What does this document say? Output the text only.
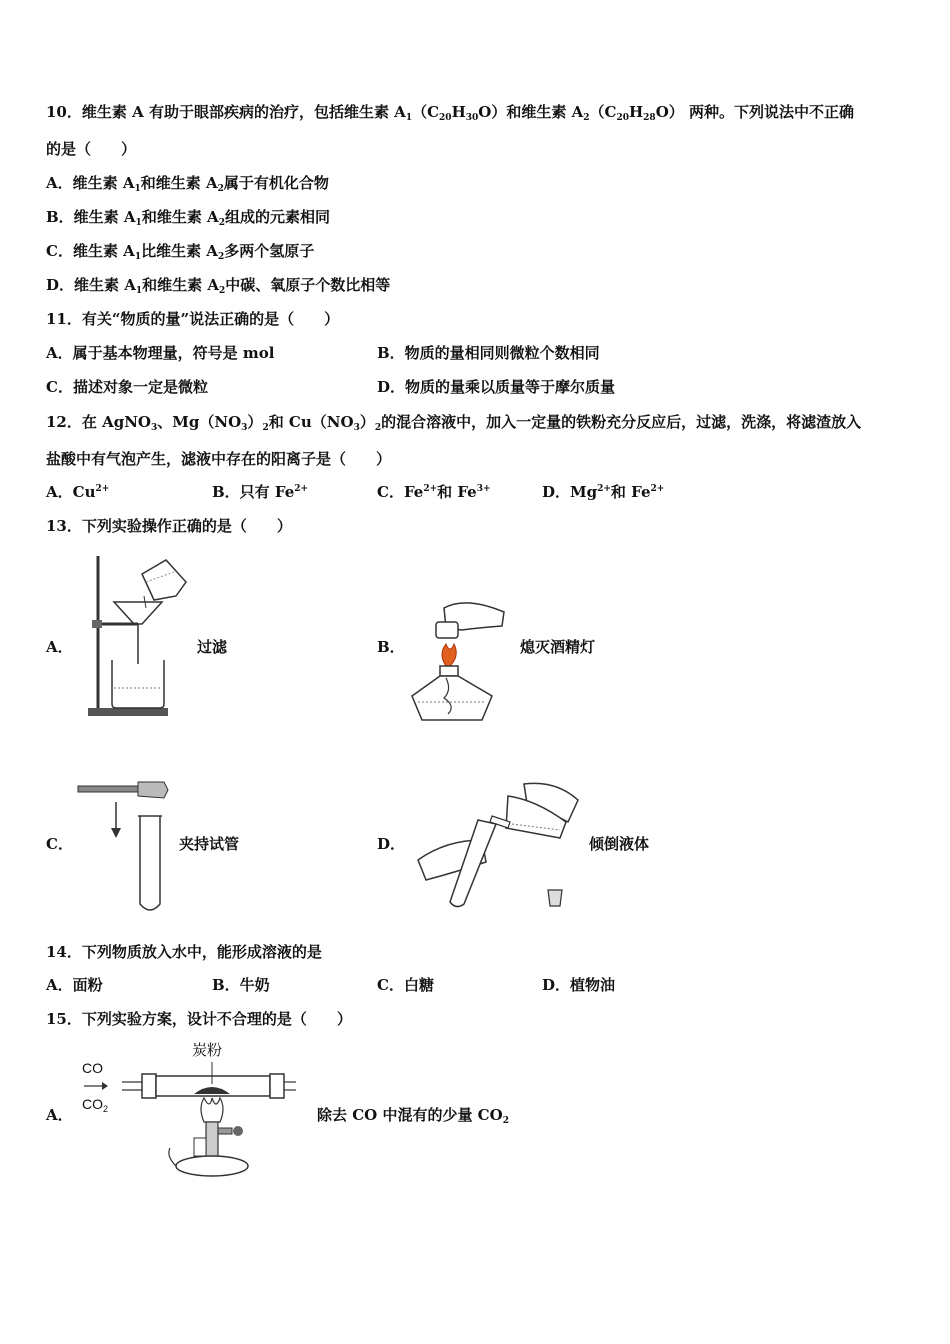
10．维生素 A 有助于眼部疾病的治疗，包括维生素 $A_1(C_{20}H_{30}O)$和维生素 $A_2(C_{20}H_{28}O)$ 两种。下列说法中不正确
的是（　　）
A．维生素 $A_1$和维生素 $A_2$属于有机化合物
B．维生素 $A_1$和维生素 $A_2$组成的元素相同
C．维生素 $A_1$比维生素 $A_2$多两个氢原子
D．维生素 $A_1$和维生素 $A_2$中碳、氧原子个数比相等
11．有关“物质的量”说法正确的是（　　）
A．属于基本物理量，符号是 mol	B．物质的量相同则微粒个数相同
C．描述对象一定是微粒	D．物质的量乘以质量等于摩尔质量
12．在 AgNO$_3$、$Mg(NO_3)_2$和 $Cu(NO_3)_2$的混合溶液中，加入一定量的铁粉充分反应后，过滤，洗涤，将滤渣放入
盐酸中有气泡产生，滤液中存在的阳离子是（　　）
A．$Cu^{2+}$	B．只有 $Fe^{2+}$	C．$Fe^{2+}$和 $Fe^{3+}$	D．$Mg^{2+}$和 $Fe^{2+}$
13．下列实验操作正确的是（　　）
A．	过滤	B．	熄灭酒精灯
C．	夹持试管	D．	倾倒液体
14．下列物质放入水中，能形成溶液的是
A．面粉	B．牛奶	C．白糖	D．植物油
15．下列实验方案，设计不合理的是（　　）
A．
CO
$CO_2$
炭粉
除去 CO 中混有的少量 $CO_2$
